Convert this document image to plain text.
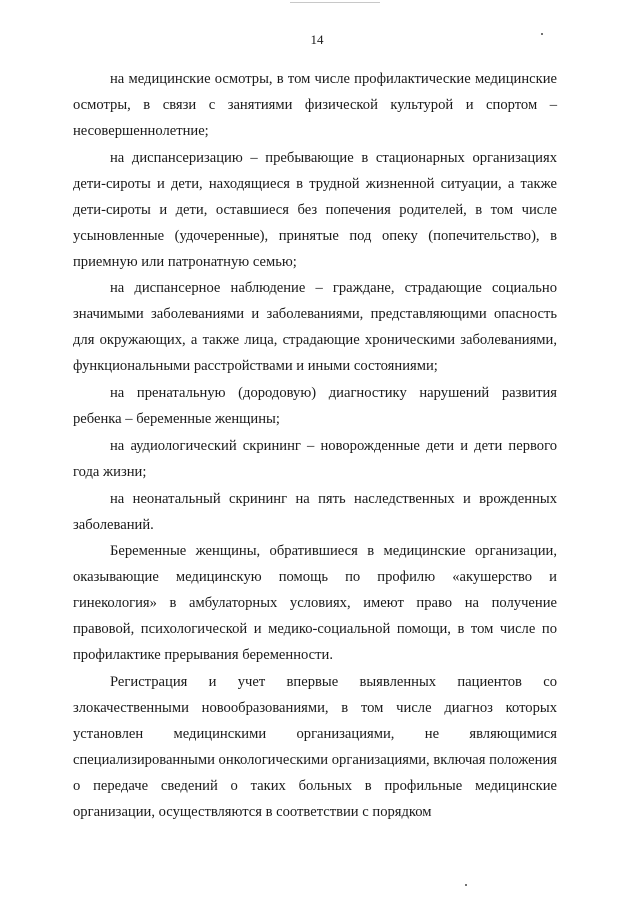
14

на медицинские осмотры, в том числе профилактические медицинские осмотры, в связи с занятиями физической культурой и спортом – несовершеннолетние;

на диспансеризацию – пребывающие в стационарных организациях дети-сироты и дети, находящиеся в трудной жизненной ситуации, а также дети-сироты и дети, оставшиеся без попечения родителей, в том числе усыновленные (удочеренные), принятые под опеку (попечительство), в приемную или патронатную семью;

на диспансерное наблюдение – граждане, страдающие социально значимыми заболеваниями и заболеваниями, представляющими опасность для окружающих, а также лица, страдающие хроническими заболеваниями, функциональными расстройствами и иными состояниями;

на пренатальную (дородовую) диагностику нарушений развития ребенка – беременные женщины;

на аудиологический скрининг – новорожденные дети и дети первого года жизни;

на неонатальный скрининг на пять наследственных и врожденных заболеваний.

Беременные женщины, обратившиеся в медицинские организации, оказывающие медицинскую помощь по профилю «акушерство и гинекология» в амбулаторных условиях, имеют право на получение правовой, психологической и медико-социальной помощи, в том числе по профилактике прерывания беременности.

Регистрация и учет впервые выявленных пациентов со злокачественными новообразованиями, в том числе диагноз которых установлен медицинскими организациями, не являющимися специализированными онкологическими организациями, включая положения о передаче сведений о таких больных в профильные медицинские организации, осуществляются в соответствии с порядком
